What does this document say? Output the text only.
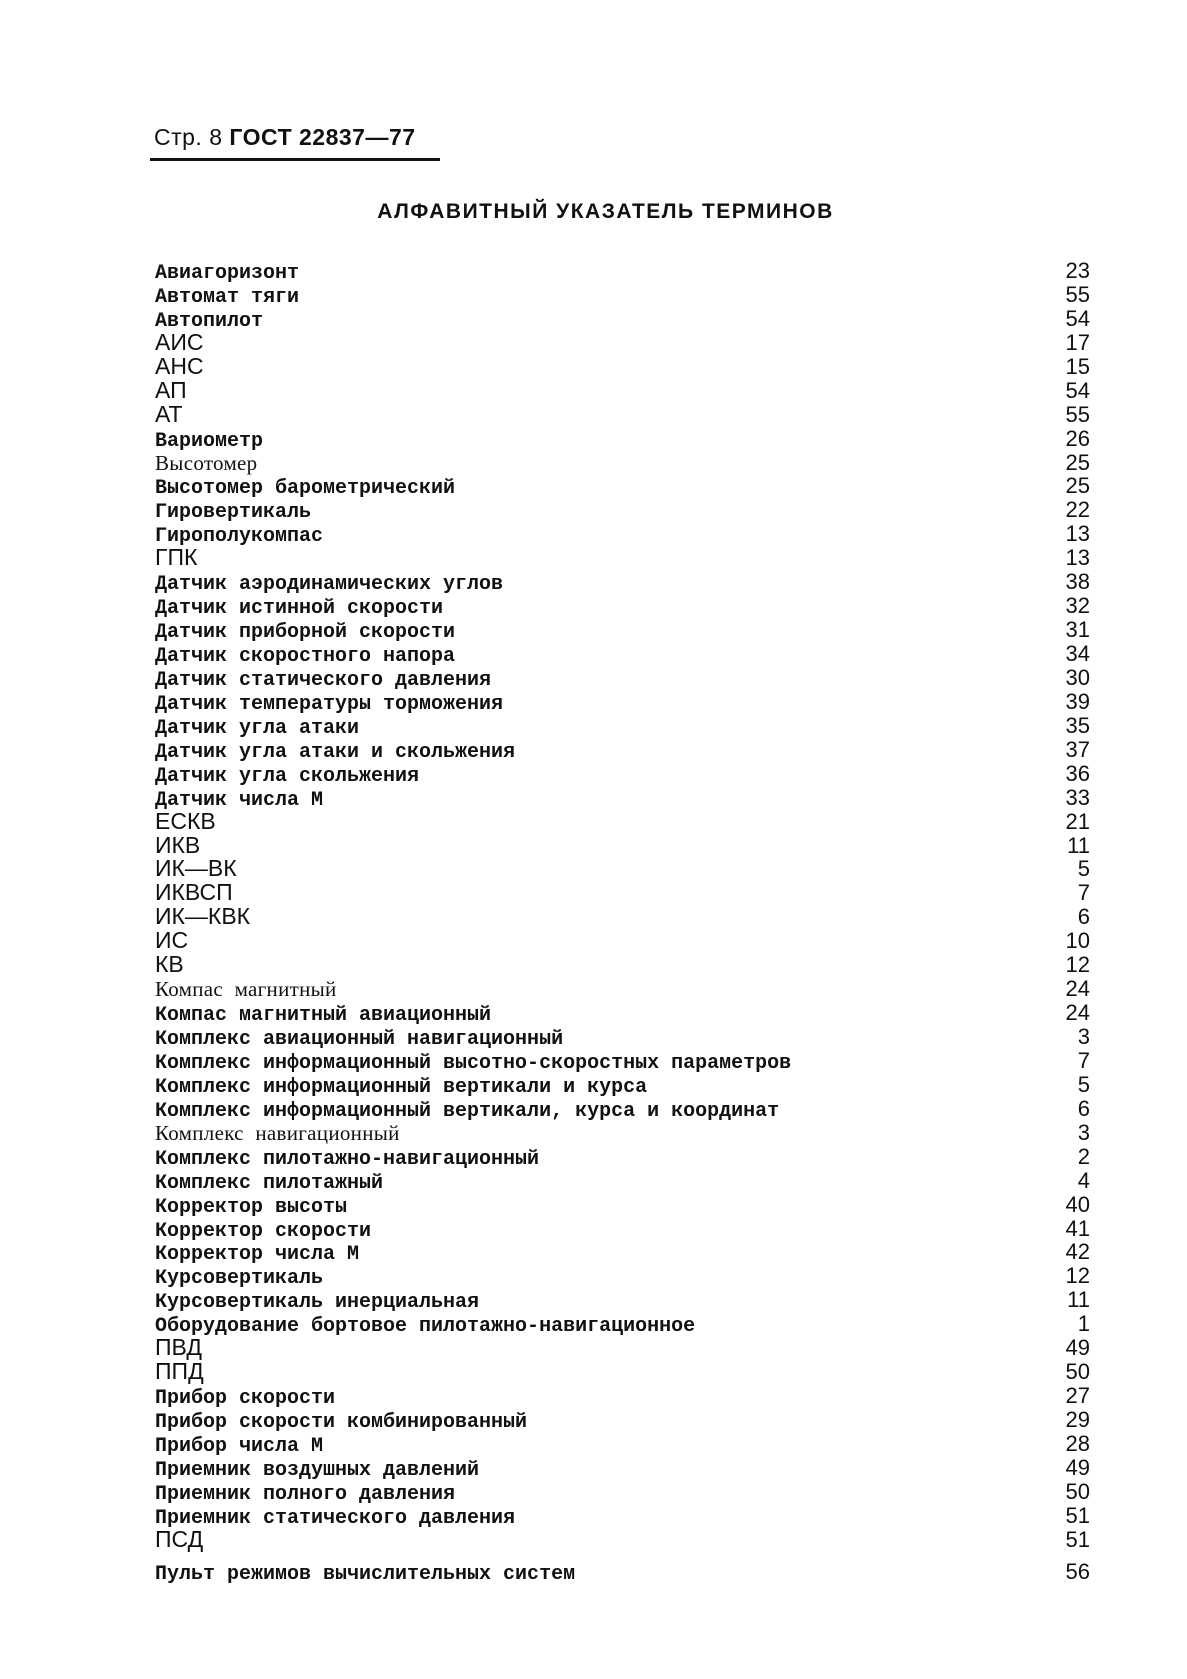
Стр. 8 ГОСТ 22837—77
АЛФАВИТНЫЙ УКАЗАТЕЛЬ ТЕРМИНОВ
Авиагоризонт	23
Автомат тяги	55
Автопилот	54
АИС	17
АНС	15
АП	54
АТ	55
Вариометр	26
Высотомер	25
Высотомер барометрический	25
Гировертикаль	22
Гирополукомпас	13
ГПК	13
Датчик аэродинамических углов	38
Датчик истинной скорости	32
Датчик приборной скорости	31
Датчик скоростного напора	34
Датчик статического давления	30
Датчик температуры торможения	39
Датчик угла атаки	35
Датчик угла атаки и скольжения	37
Датчик угла скольжения	36
Датчик числа М	33
ЕСКВ	21
ИКВ	11
ИК—ВК	5
ИКВСП	7
ИК—КВК	6
ИС	10
КВ	12
Компас магнитный	24
Компас магнитный авиационный	24
Комплекс авиационный навигационный	3
Комплекс информационный высотно-скоростных параметров	7
Комплекс информационный вертикали и курса	5
Комплекс информационный вертикали, курса и координат	6
Комплекс навигационный	3
Комплекс пилотажно-навигационный	2
Комплекс пилотажный	4
Корректор высоты	40
Корректор скорости	41
Корректор числа М	42
Курсовертикаль	12
Курсовертикаль инерциальная	11
Оборудование бортовое пилотажно-навигационное	1
ПВД	49
ППД	50
Прибор скорости	27
Прибор скорости комбинированный	29
Прибор числа М	28
Приемник воздушных давлений	49
Приемник полного давления	50
Приемник статического давления	51
ПСД	51
Пульт режимов вычислительных систем	56
